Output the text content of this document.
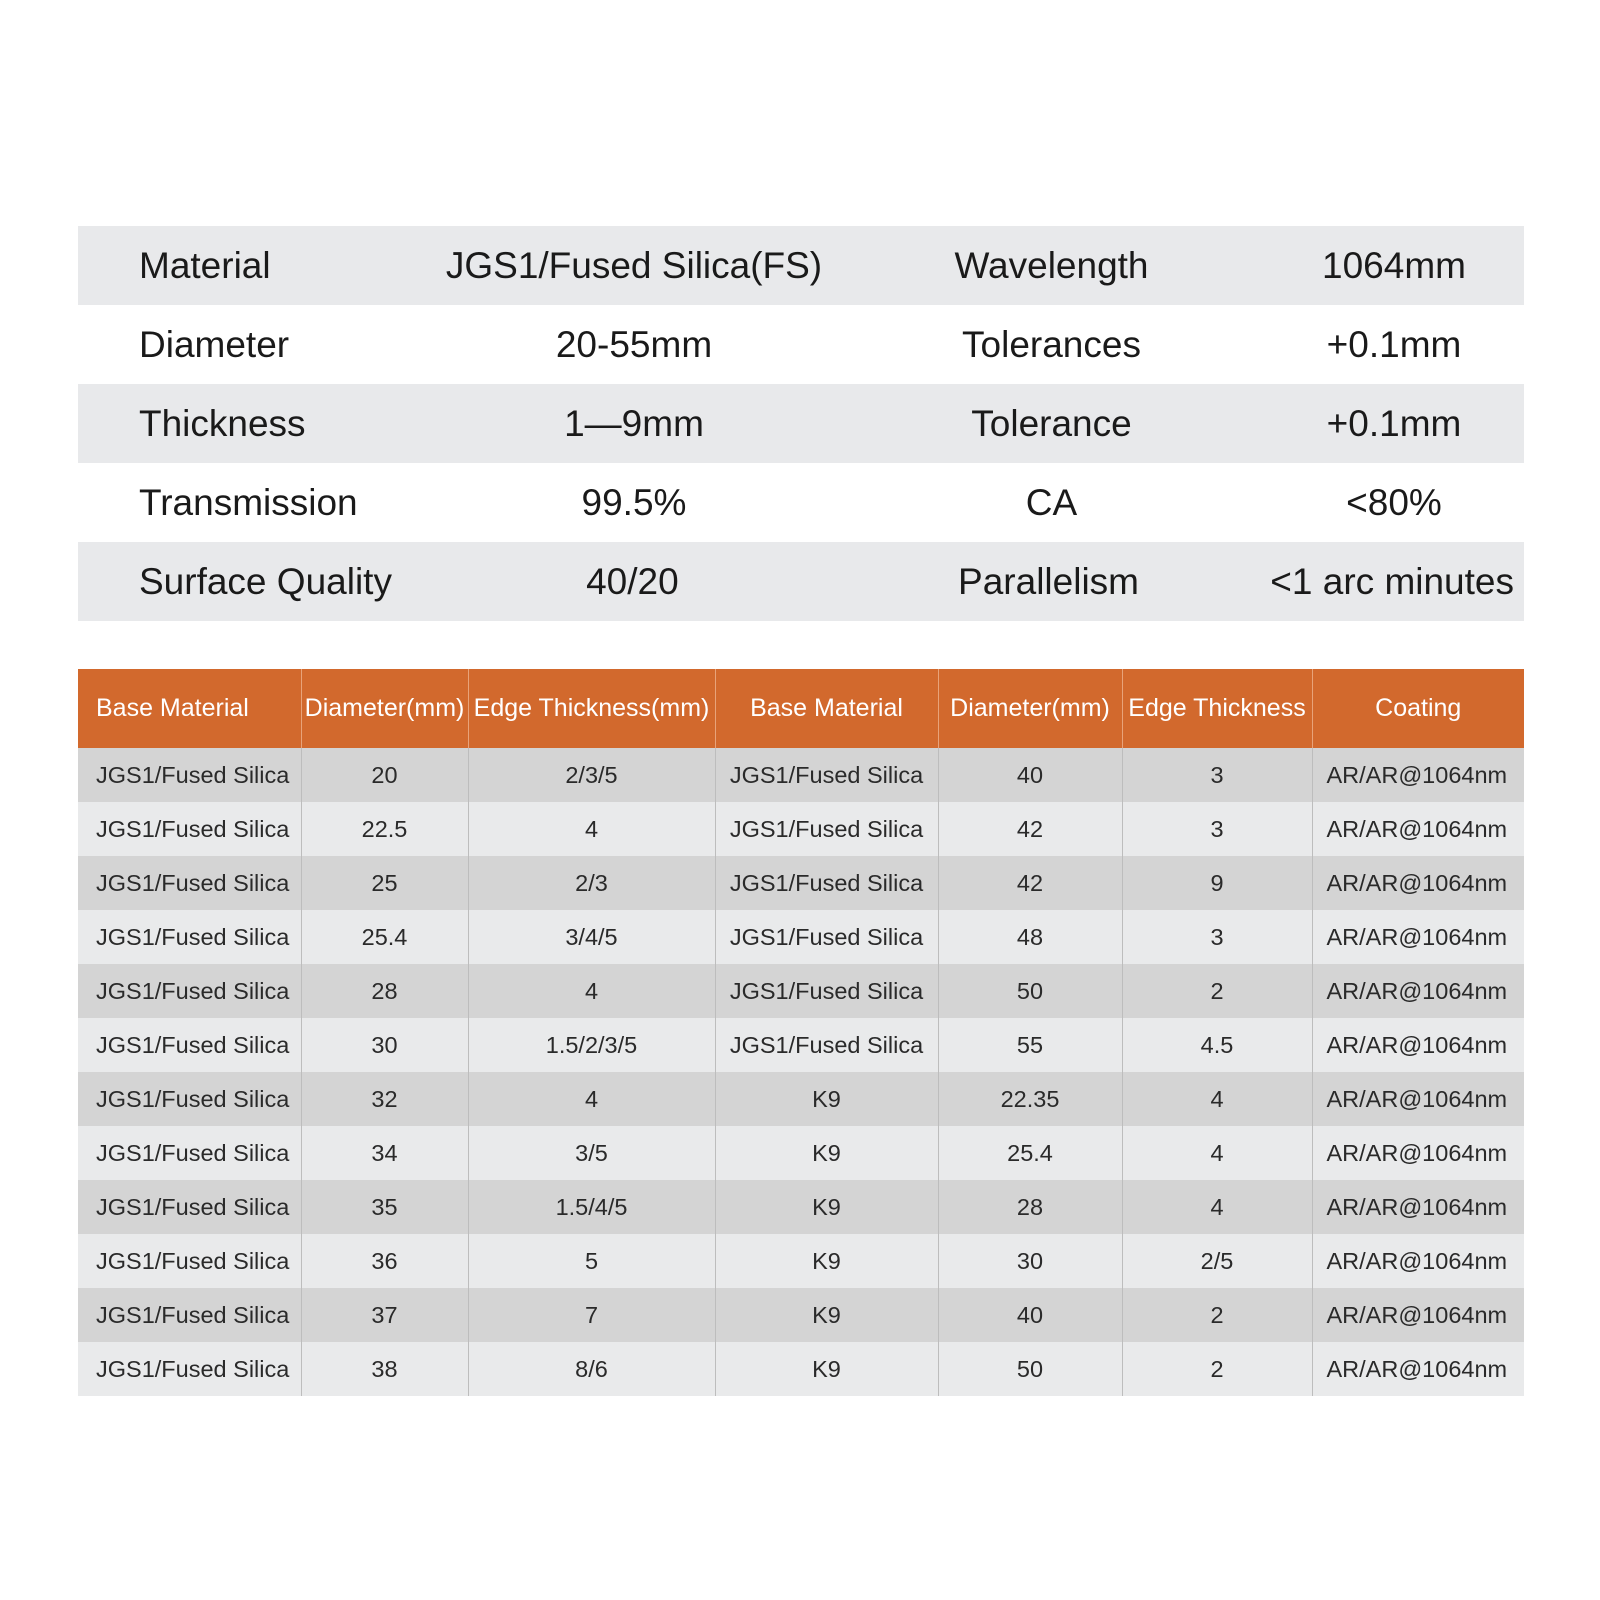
Material	JGS1/Fused Silica(FS)	Wavelength	1064mm
Diameter	20-55mm	Tolerances	+0.1mm
Thickness	1—9mm	Tolerance	+0.1mm
Transmission	99.5%	CA	<80%
Surface Quality	40/20	Parallelism	<1 arc minutes
Base Material	Diameter(mm)	Edge Thickness(mm)	Base Material	Diameter(mm)	Edge Thickness	Coating
JGS1/Fused Silica	20	2/3/5	JGS1/Fused Silica	40	3	AR/AR@1064nm
JGS1/Fused Silica	22.5	4	JGS1/Fused Silica	42	3	AR/AR@1064nm
JGS1/Fused Silica	25	2/3	JGS1/Fused Silica	42	9	AR/AR@1064nm
JGS1/Fused Silica	25.4	3/4/5	JGS1/Fused Silica	48	3	AR/AR@1064nm
JGS1/Fused Silica	28	4	JGS1/Fused Silica	50	2	AR/AR@1064nm
JGS1/Fused Silica	30	1.5/2/3/5	JGS1/Fused Silica	55	4.5	AR/AR@1064nm
JGS1/Fused Silica	32	4	K9	22.35	4	AR/AR@1064nm
JGS1/Fused Silica	34	3/5	K9	25.4	4	AR/AR@1064nm
JGS1/Fused Silica	35	1.5/4/5	K9	28	4	AR/AR@1064nm
JGS1/Fused Silica	36	5	K9	30	2/5	AR/AR@1064nm
JGS1/Fused Silica	37	7	K9	40	2	AR/AR@1064nm
JGS1/Fused Silica	38	8/6	K9	50	2	AR/AR@1064nm
